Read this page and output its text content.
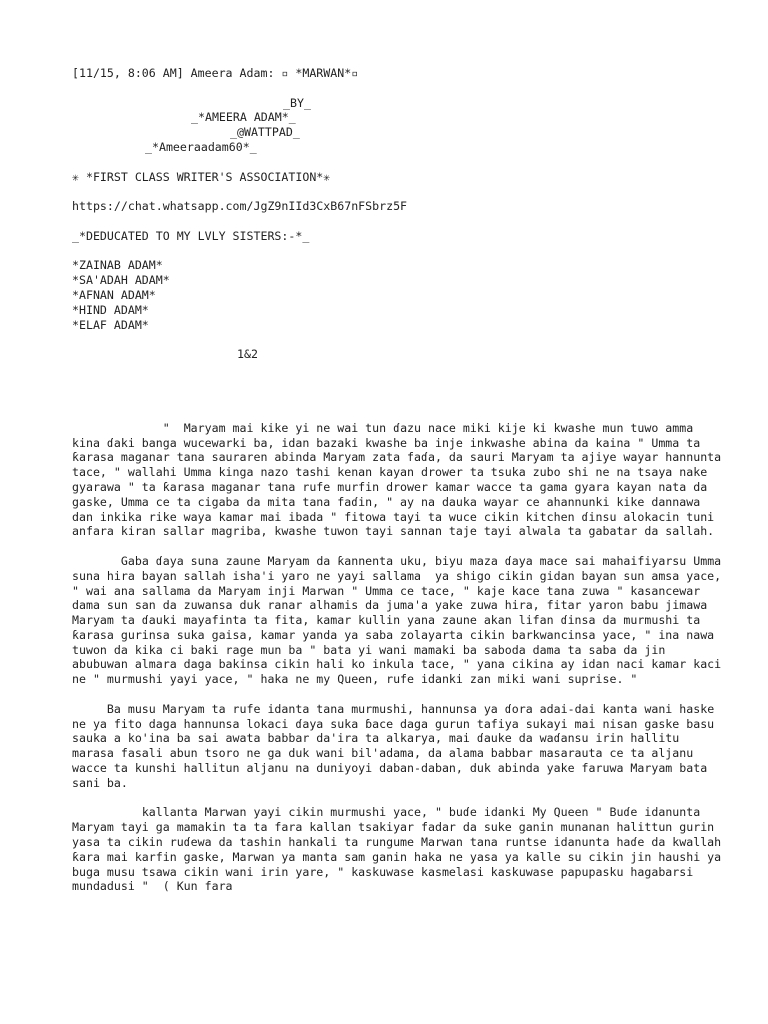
[11/15, 8:06 AM] Ameera Adam: ▫ *MARWAN*▫
_BY_
_*AMEERA ADAM*_
_@WATTPAD_
_*Ameeraadam60*_
✳ *FIRST CLASS WRITER'S ASSOCIATION*✳
https://chat.whatsapp.com/JgZ9nIId3CxB67nFSbrz5F
_*DEDUCATED TO MY LVLY SISTERS:-*_
*ZAINAB ADAM*
*SA'ADAH ADAM*
*AFNAN ADAM*
*HIND ADAM*
*ELAF ADAM*
1&2
"  Maryam mai kike yi ne wai tun ɗazu nace miki kije ki kwashe mun tuwo amma kina ɗaki banga wucewarki ba, idan bazaki kwashe ba inje inkwashe abina da kaina " Umma ta ƙarasa maganar tana sauraren abinda Maryam zata faɗa, da sauri Maryam ta ajiye wayar hannunta tace, " wallahi Umma kinga nazo tashi kenan kayan drower ta tsuka zubo shi ne na tsaya nake gyarawa " ta ƙarasa maganar tana rufe murfin drower kamar wacce ta gama gyara kayan nata da gaske, Umma ce ta cigaba da mita tana faɗin, " ay na dauka wayar ce ahannunki kike dannawa dan inkika rike waya kamar mai ibada " fitowa tayi ta wuce cikin kitchen ɗinsu alokacin tuni anfara kiran sallar magriba, kwashe tuwon tayi sannan taje tayi alwala ta gabatar da sallah.
Gaba ɗaya suna zaune Maryam da ƙannenta uku, biyu maza ɗaya mace sai mahaifiyarsu Umma suna hira bayan sallah isha'i yaro ne yayi sallama  ya shigo cikin gidan bayan sun amsa yace, " wai ana sallama da Maryam inji Marwan " Umma ce tace, " kaje kace tana zuwa " kasancewar dama sun san da zuwansa duk ranar alhamis da juma'a yake zuwa hira, fitar yaron babu jimawa Maryam ta ɗauki mayafinta ta fita, kamar kullin yana zaune akan lifan ɗinsa da murmushi ta ƙarasa gurinsa suka gaisa, kamar yanda ya saba zolayarta cikin barkwancinsa yace, " ina nawa tuwon da kika ci baki rage mun ba " bata yi wani mamaki ba saboda dama ta saba da jin abubuwan almara daga bakinsa cikin hali ko inkula tace, " yana cikina ay idan naci kamar kaci ne " murmushi yayi yace, " haka ne my Queen, rufe idanki zan miki wani suprise. "
Ba musu Maryam ta rufe idanta tana murmushi, hannunsa ya ɗora adai-dai kanta wani haske ne ya fito daga hannunsa lokaci ɗaya suka ɓace daga gurun tafiya sukayi mai nisan gaske basu sauka a ko'ina ba sai awata babbar da'ira ta alkarya, mai ɗauke da waɗansu irin hallitu marasa fasali abun tsoro ne ga duk wani bil'adama, da alama babbar masarauta ce ta aljanu wacce ta kunshi hallitun aljanu na duniyoyi daban-daban, duk abinda yake faruwa Maryam bata sani ba.
kallanta Marwan yayi cikin murmushi yace, " buɗe idanki My Queen " Buɗe idanunta Maryam tayi ga mamakin ta ta fara kallan tsakiyar fadar da suke ganin munanan halittun gurin yasa ta cikin ruɗewa da tashin hankali ta rungume Marwan tana runtse idanunta haɗe da kwallah ƙara mai karfin gaske, Marwan ya manta sam ganin haka ne yasa ya kalle su cikin jin haushi ya buga musu tsawa cikin wani irin yare, " kaskuwase kasmelasi kaskuwase papupasku hagabarsi mundadusi "  ( Kun fara
